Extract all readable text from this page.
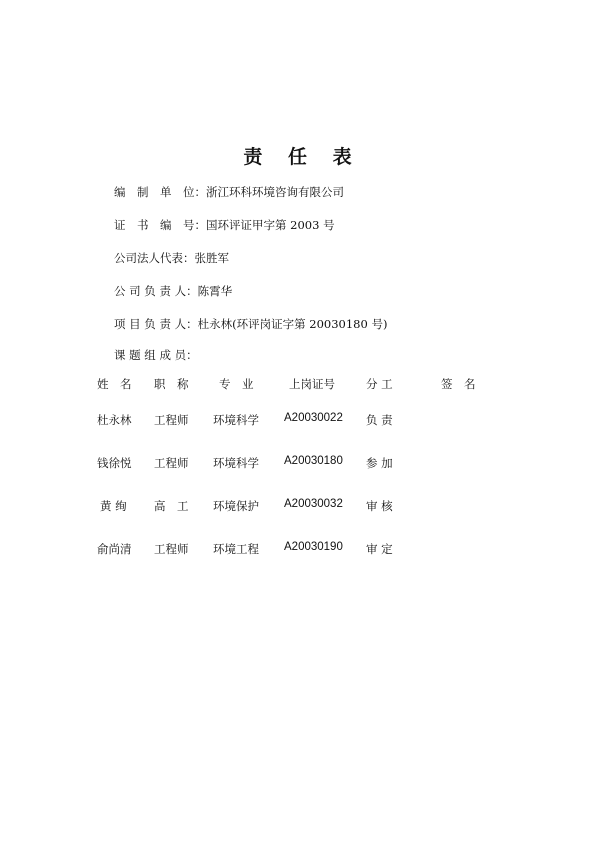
责　 任　 表
编　制　单　位：浙江环科环境咨询有限公司
证　书　编　号：国环评证甲字第 2003 号
公司法人代表：张胜军
公 司 负 责 人：陈霄华
项 目 负 责 人：杜永林(环评岗证字第 20030180 号)
课 题 组 成 员：
姓　名 职　称	专　业	上岗证号	分 工	签　名
杜永林 工程师 环境科学 A20030022 负 责
钱徐悦 工程师 环境科学 A20030180 参 加
黄 绚 高　工 环境保护 A20030032 审 核
俞尚清 工程师 环境工程 A20030190 审 定
